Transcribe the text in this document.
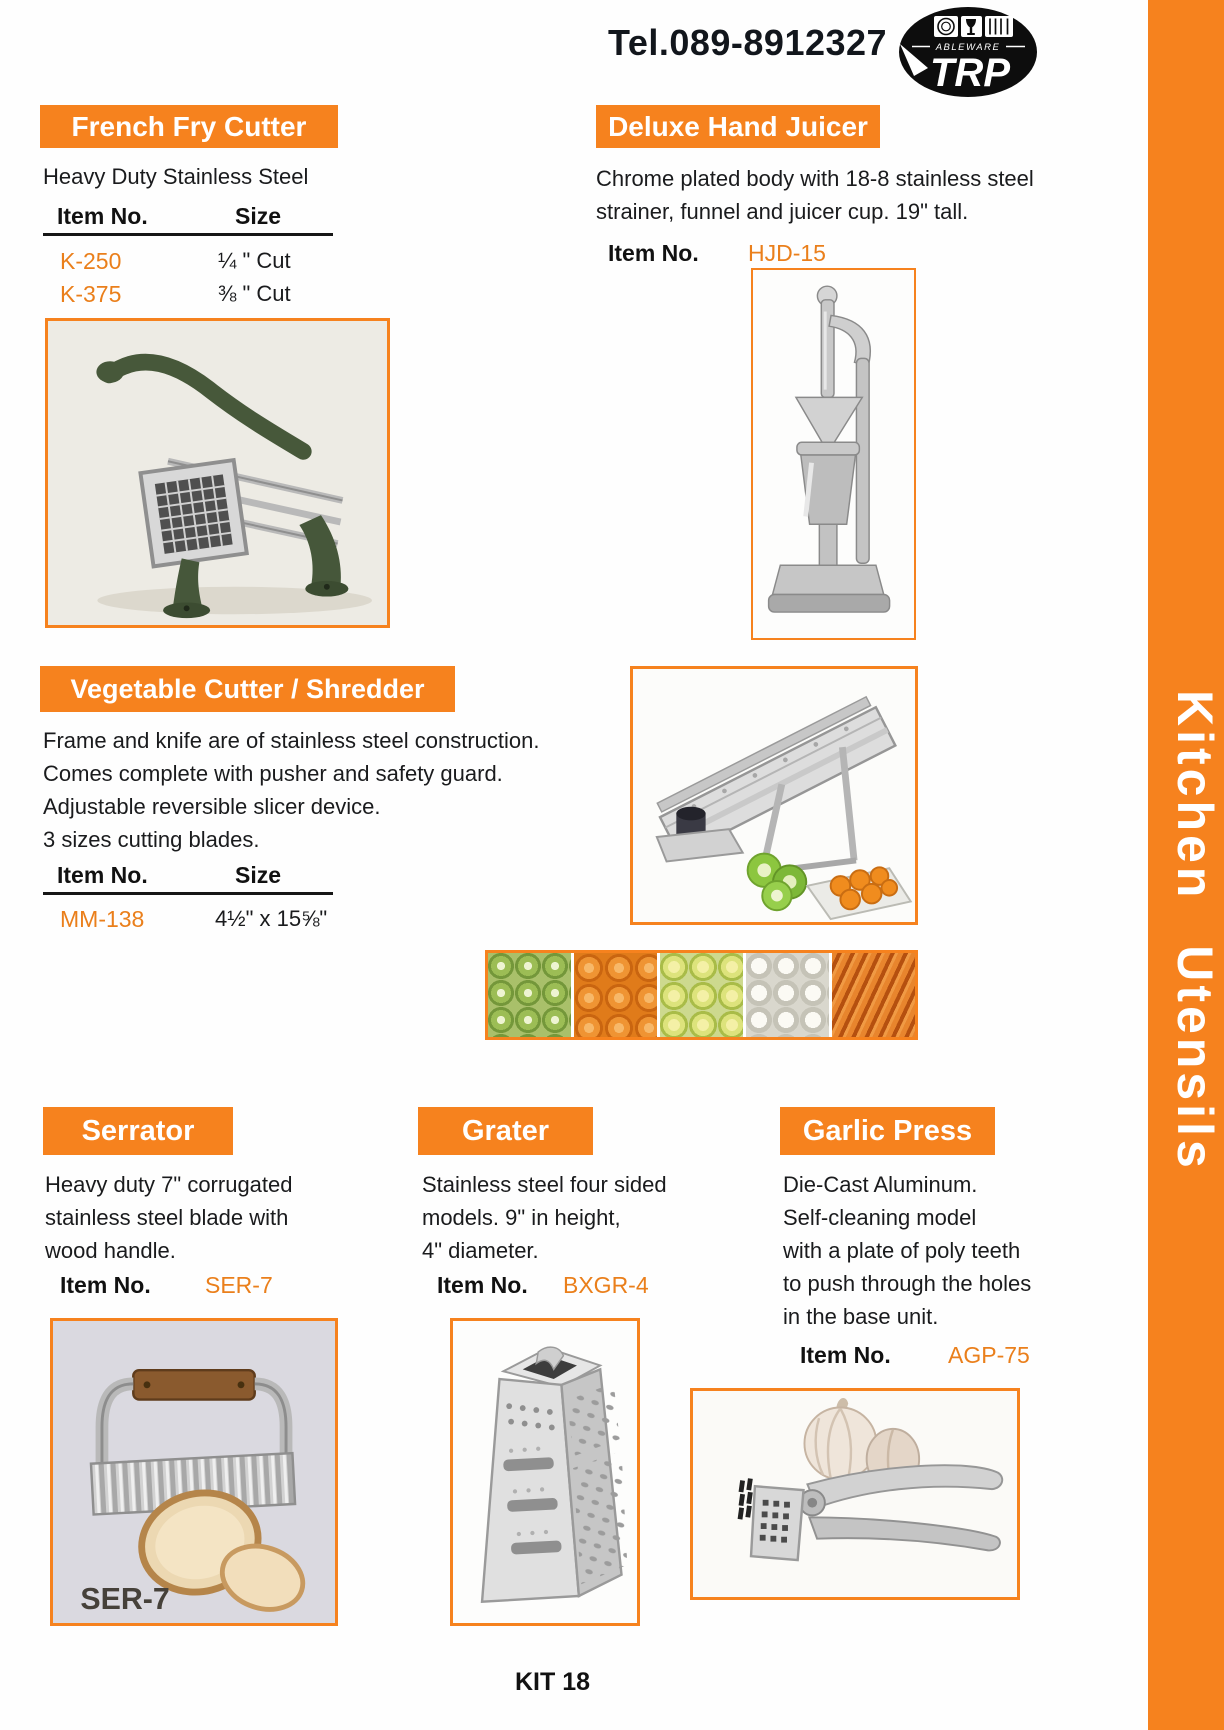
Kitchen Utensils
Tel.089-8912327	ABLEWARE
TRP
French Fry Cutter
Heavy Duty Stainless Steel
Item No.	Size
K-250	¼ " Cut
K-375	⅜ " Cut
Deluxe Hand Juicer
Chrome plated body with 18-8 stainless steel
strainer, funnel and juicer cup. 19" tall.
Item No. HJD-15
Vegetable Cutter / Shredder
Frame and knife are of stainless steel construction.
Comes complete with pusher and safety guard.
Adjustable reversible slicer device.
3 sizes cutting blades.
Item No.	Size
MM-138	4½" x 15⅝"
Serrator
Heavy duty 7" corrugated
stainless steel blade with
wood handle.
Item No. SER-7
SER-7
Grater
Stainless steel four sided
models. 9" in height,
4" diameter.
Item No. BXGR-4
Garlic Press
Die-Cast Aluminum.
Self-cleaning model
with a plate of poly teeth
to push through the holes
in the base unit.
Item No. AGP-75
KIT 18
